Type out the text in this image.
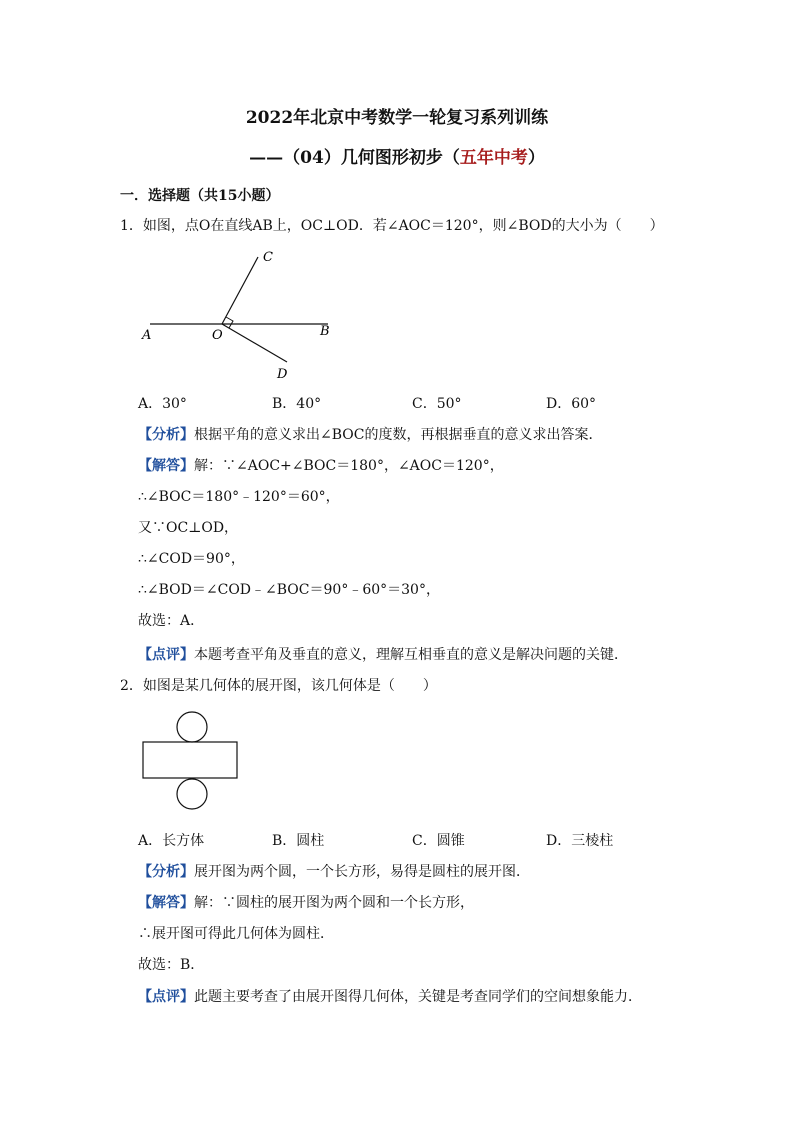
2022年北京中考数学一轮复习系列训练
——（04）几何图形初步（五年中考）
一．选择题（共15小题）
1．如图，点O在直线AB上，OC⊥OD．若∠AOC＝120°，则∠BOD的大小为（　　）
A	O	B
C
D
A．30°	B．40°	C．50°	D．60°
【分析】根据平角的意义求出∠BOC的度数，再根据垂直的意义求出答案．
【解答】解：∵∠AOC+∠BOC＝180°，∠AOC＝120°，
∴∠BOC＝180°﹣120°＝60°，
又∵OC⊥OD，
∴∠COD＝90°，
∴∠BOD＝∠COD﹣∠BOC＝90°﹣60°＝30°，
故选：A．
【点评】本题考查平角及垂直的意义，理解互相垂直的意义是解决问题的关键．
2．如图是某几何体的展开图，该几何体是（　　）
A．长方体	B．圆柱	C．圆锥	D．三棱柱
【分析】展开图为两个圆，一个长方形，易得是圆柱的展开图．
【解答】解：∵圆柱的展开图为两个圆和一个长方形，
∴展开图可得此几何体为圆柱．
故选：B．
【点评】此题主要考查了由展开图得几何体，关键是考查同学们的空间想象能力．
